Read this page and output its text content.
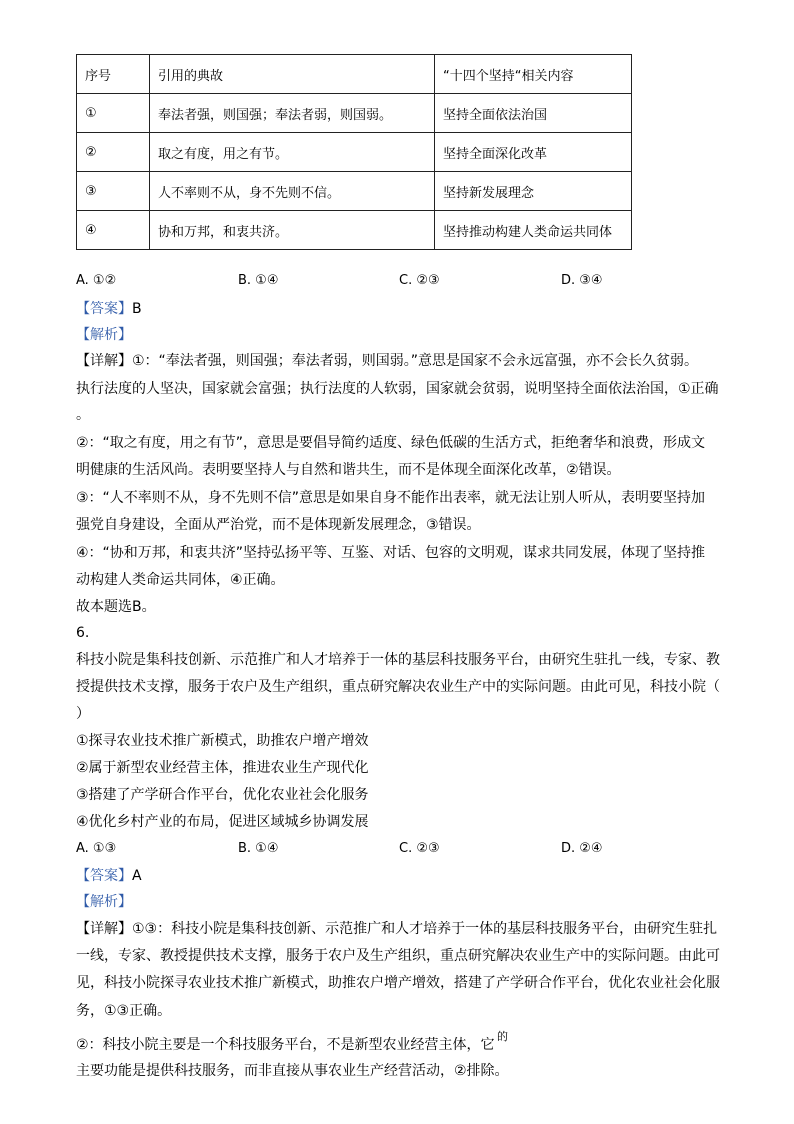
序号	引用的典故	“十四个坚持“相关内容
①	奉法者强，则国强；奉法者弱，则国弱。	坚持全面依法治国
②	取之有度，用之有节。	坚持全面深化改革
③	人不率则不从，身不先则不信。	坚持新发展理念
④	协和万邦，和衷共济。	坚持推动构建人类命运共同体
A. ①②	B. ①④	C. ②③	D. ③④
【答案】B
【解析】
【详解】①：“奉法者强，则国强；奉法者弱，则国弱。”意思是国家不会永远富强，亦不会长久贫弱。
执行法度的人坚决，国家就会富强；执行法度的人软弱，国家就会贫弱，说明坚持全面依法治国，①正确
。
②：“取之有度，用之有节”，意思是要倡导简约适度、绿色低碳的生活方式，拒绝奢华和浪费，形成文
明健康的生活风尚。表明要坚持人与自然和谐共生，而不是体现全面深化改革，②错误。
③：“人不率则不从，身不先则不信”意思是如果自身不能作出表率，就无法让别人听从，表明要坚持加
强党自身建设，全面从严治党，而不是体现新发展理念，③错误。
④：“协和万邦，和衷共济”坚持弘扬平等、互鉴、对话、包容的文明观，谋求共同发展，体现了坚持推
动构建人类命运共同体，④正确。
故本题选B。
6.
科技小院是集科技创新、示范推广和人才培养于一体的基层科技服务平台，由研究生驻扎一线，专家、教
授提供技术支撑，服务于农户及生产组织，重点研究解决农业生产中的实际问题。由此可见，科技小院（
）
①探寻农业技术推广新模式，助推农户增产增效
②属于新型农业经营主体，推进农业生产现代化
③搭建了产学研合作平台，优化农业社会化服务
④优化乡村产业的布局，促进区域城乡协调发展
A. ①③	B. ①④	C. ②③	D. ②④
【答案】A
【解析】
【详解】①③：科技小院是集科技创新、示范推广和人才培养于一体的基层科技服务平台，由研究生驻扎
一线，专家、教授提供技术支撑，服务于农户及生产组织，重点研究解决农业生产中的实际问题。由此可
见，科技小院探寻农业技术推广新模式，助推农户增产增效，搭建了产学研合作平台，优化农业社会化服
务，①③正确。
②：科技小院主要是一个科技服务平台，不是新型农业经营主体，它
的
主要功能是提供科技服务，而非直接从事农业生产经营活动，②排除。
